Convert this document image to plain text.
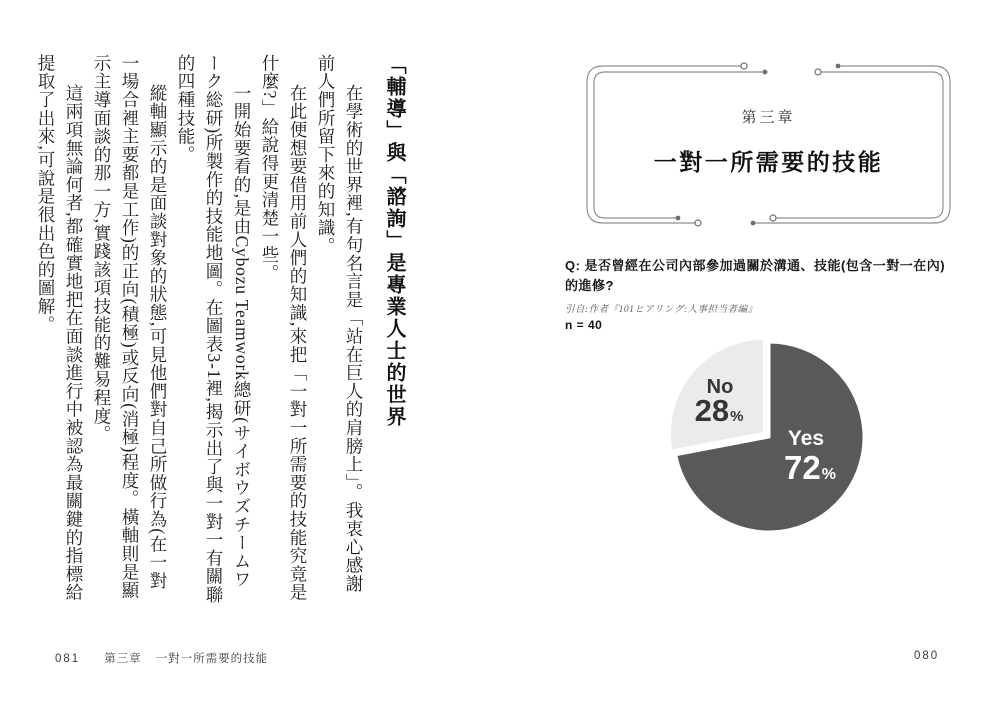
「輔導」與「諮詢」是專業人士的世界

在學術的世界裡,有句名言是「站在巨人的肩膀上」。我衷心感謝前人們所留下來的知識。

在此便想要借用前人們的知識,來把「一對一所需要的技能究竟是什麼?」給說得更清楚一些。

一開始要看的,是由Cybozu Teamwork總研(サイボウズチームワーク総研)所製作的技能地圖。在圖表3-1裡,揭示出了與一對一有關聯的四種技能。

縱軸顯示的是面談對象的狀態,可見他們對自己所做行為(在一對一場合裡主要都是工作)的正向(積極)或反向(消極)程度。橫軸則是顯示主導面談的那一方,實踐該項技能的難易程度。

這兩項無論何者,都確實地把在面談進行中被認為最關鍵的指標給提取了出來,可說是很出色的圖解。

081 第三章 一對一所需要的技能
第三章
一對一所需要的技能
Q: 是否曾經在公司內部參加過關於溝通、技能(包含一對一在內)
的進修?
引自:作者『101ヒアリング:人事担当者編』
n = 40
No
28%
Yes
72%
080
